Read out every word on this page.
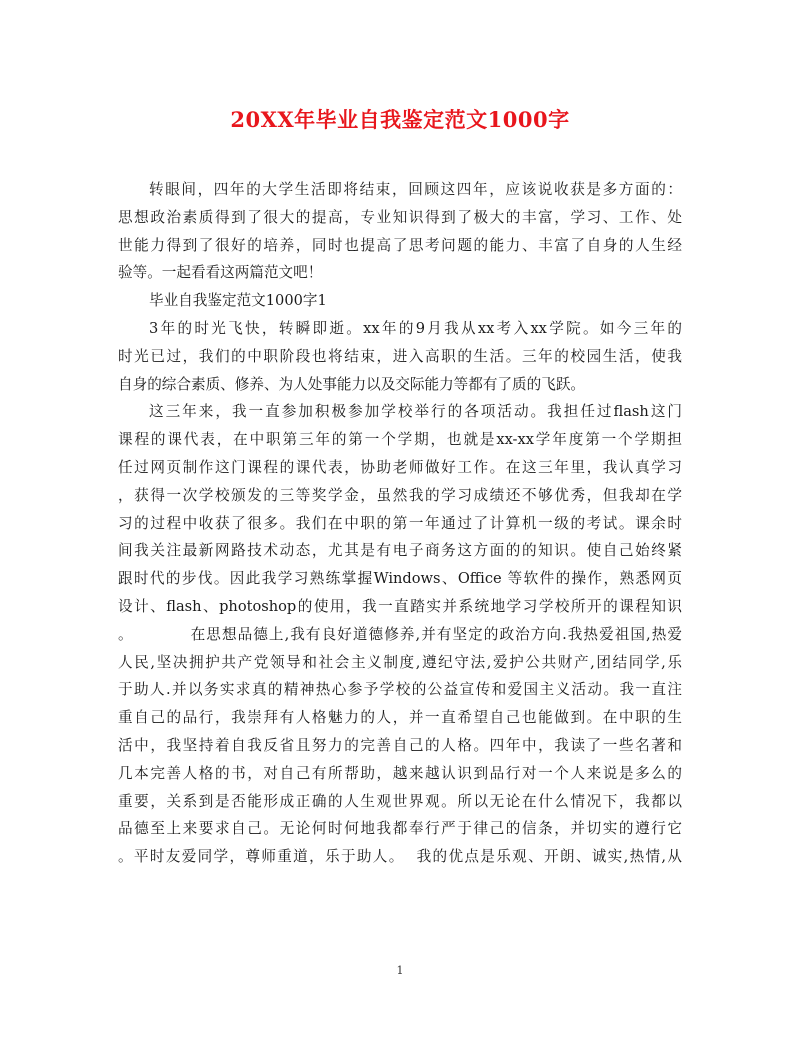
20XX年毕业自我鉴定范文1000字
转眼间，四年的大学生活即将结束，回顾这四年，应该说收获是多方面的：
思想政治素质得到了很大的提高，专业知识得到了极大的丰富，学习、工作、处
世能力得到了很好的培养，同时也提高了思考问题的能力、丰富了自身的人生经
验等。一起看看这两篇范文吧！
毕业自我鉴定范文1000字1
3年的时光飞快，转瞬即逝。xx年的9月我从xx考入xx学院。如今三年的
时光已过，我们的中职阶段也将结束，进入高职的生活。三年的校园生活，使我
自身的综合素质、修养、为人处事能力以及交际能力等都有了质的飞跃。
这三年来，我一直参加积极参加学校举行的各项活动。我担任过flash这门
课程的课代表，在中职第三年的第一个学期，也就是xx-xx学年度第一个学期担
任过网页制作这门课程的课代表，协助老师做好工作。在这三年里，我认真学习
，获得一次学校颁发的三等奖学金，虽然我的学习成绩还不够优秀，但我却在学
习的过程中收获了很多。我们在中职的第一年通过了计算机一级的考试。课余时
间我关注最新网路技术动态，尤其是有电子商务这方面的的知识。使自己始终紧
跟时代的步伐。因此我学习熟练掌握Windows、Office 等软件的操作，熟悉网页
设计、flash、photoshop的使用，我一直踏实并系统地学习学校所开的课程知识
。          在思想品德上,我有良好道德修养,并有坚定的政治方向.我热爱祖国,热爱
人民,坚决拥护共产党领导和社会主义制度,遵纪守法,爱护公共财产,团结同学,乐
于助人.并以务实求真的精神热心参予学校的公益宣传和爱国主义活动。我一直注
重自己的品行，我崇拜有人格魅力的人，并一直希望自己也能做到。在中职的生
活中，我坚持着自我反省且努力的完善自己的人格。四年中，我读了一些名著和
几本完善人格的书，对自己有所帮助，越来越认识到品行对一个人来说是多么的
重要，关系到是否能形成正确的人生观世界观。所以无论在什么情况下，我都以
品德至上来要求自己。无论何时何地我都奉行严于律己的信条，并切实的遵行它
。平时友爱同学，尊师重道，乐于助人。  我的优点是乐观、开朗、诚实,热情,从
1
